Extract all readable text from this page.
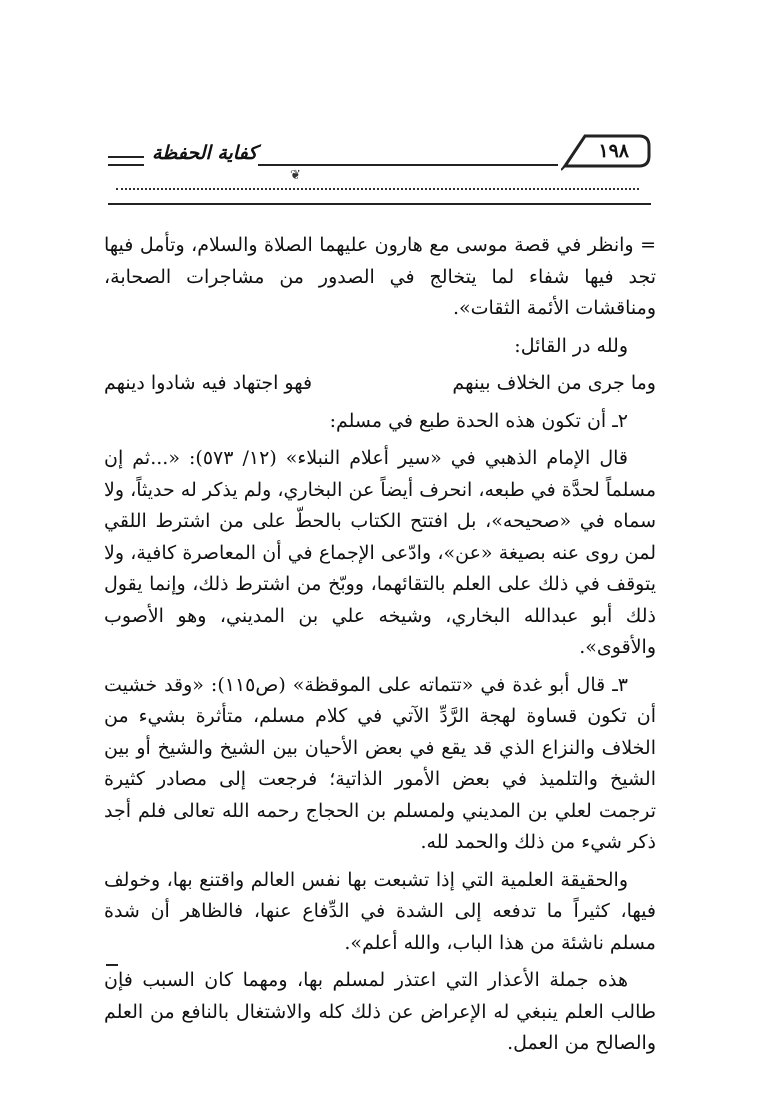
كفاية الحفظة	١٩٨
❦

= وانظر في قصة موسى مع هارون عليهما الصلاة والسلام، وتأمل فيها تجد فيها شفاء لما يتخالج في الصدور من مشاجرات الصحابة، ومناقشات الأئمة الثقات».

ولله در القائل:

وما جرى من الخلاف بينهم
فهو اجتهاد فيه شادوا دينهم

٢ـ أن تكون هذه الحدة طبع في مسلم:

قال الإمام الذهبي في «سير أعلام النبلاء» (١٢/ ٥٧٣): «...ثم إن مسلماً لحدَّة في طبعه، انحرف أيضاً عن البخاري، ولم يذكر له حديثاً، ولا سماه في «صحيحه»، بل افتتح الكتاب بالحطّ على من اشترط اللقي لمن روى عنه بصيغة «عن»، وادّعى الإجماع في أن المعاصرة كافية، ولا يتوقف في ذلك على العلم بالتقائهما، ووبّخ من اشترط ذلك، وإنما يقول ذلك أبو عبدالله البخاري، وشيخه علي بن المديني، وهو الأصوب والأقوى».

٣ـ قال أبو غدة في «تتماته على الموقظة» (ص١١٥): «وقد خشيت أن تكون قساوة لهجة الرَّدِّ الآتي في كلام مسلم، متأثرة بشيء من الخلاف والنزاع الذي قد يقع في بعض الأحيان بين الشيخ والشيخ أو بين الشيخ والتلميذ في بعض الأمور الذاتية؛ فرجعت إلى مصادر كثيرة ترجمت لعلي بن المديني ولمسلم بن الحجاج رحمه الله تعالى فلم أجد ذكر شيء من ذلك والحمد لله.

والحقيقة العلمية التي إذا تشبعت بها نفس العالم واقتنع بها، وخولف فيها، كثيراً ما تدفعه إلى الشدة في الدِّفاع عنها، فالظاهر أن شدة مسلم ناشئة من هذا الباب، والله أعلم».

هذه جملة الأعذار التي اعتذر لمسلم بها، ومهما كان السبب فإن طالب العلم ينبغي له الإعراض عن ذلك كله والاشتغال بالنافع من العلم والصالح من العمل.
